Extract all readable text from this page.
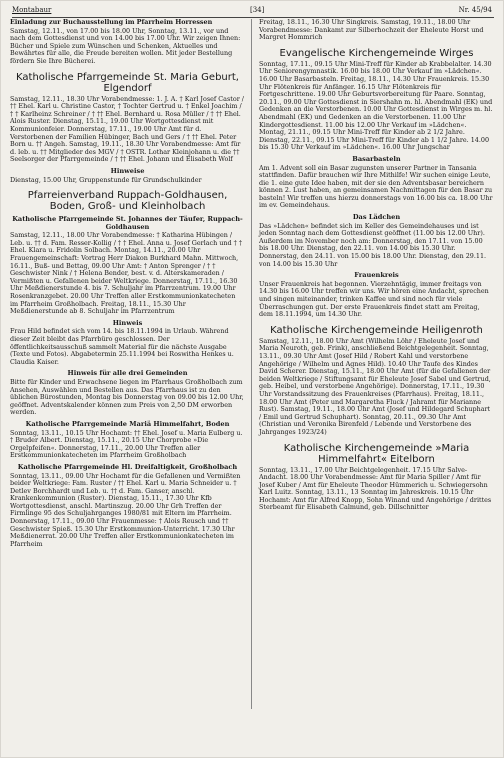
Montabaur	[34]	Nr. 45/94

Einladung zur Buchausstellung im Pfarrheim Horressen

Samstag, 12.11., von 17.00 bis 18.00 Uhr, Sonntag, 13.11., vor und nach dem Gottesdienst und von 14.00 bis 17.00 Uhr. Wir zeigen Ihnen: Bücher und Spiele zum Wünschen und Schenken, Aktuelles und Bewährtes für alle, die Freude bereiten wollen. Mit jeder Bestellung fördern Sie Ihre Bücherei.

Katholische Pfarrgemeinde St. Maria Geburt, Elgendorf

Samstag, 12.11., 18.30 Uhr Vorabendmesse: 1. J. A. † Karl Josef Castor / †† Ehel. Karl u. Christine Castor, † Tochter Gertrud u. † Enkel Joachim / † † Karlheinz Schreiner / † †† Ehel. Bernhard u. Rosa Müller / † †† Ehel. Alois Ruster. Dienstag, 15.11., 19.00 Uhr Wortgottesdienst mit Kommunionfeier. Donnerstag, 17.11., 19.00 Uhr Amt für d. Verstorbenen der Familien Hübinger, Bach und Gers / † †† Ehel. Peter Born u. †† Angeh. Samstag, 19.11., 18.30 Uhr Vorabendmesse: Amt für d. leb. u. †† Mitglieder des MGV / † OSTR. Lothar Kleinjohann u. die †† Seelsorger der Pfarrgemeinde / † †† Ehel. Johann und Elisabeth Wolf

Hinweise

Dienstag, 15.00 Uhr, Gruppenstunde für Grundschulkinder

Pfarreienverband Ruppach-Goldhausen, Boden, Groß- und Kleinholbach
Katholische Pfarrgemeinde St. Johannes der Täufer, Ruppach-Goldhausen

Samstag, 12.11., 18.00 Uhr Vorabendmesse: † Katharina Hübingen / Leb. u. †† d. Fam. Resser-Kollig / † † Ehel. Anna u. Josef Gerlach und † † Ehel. Klara u. Fridolin Solbach. Montag, 14.11., 20.00 Uhr Frauengemeinschaft: Vortrag Herr Diakon Burkhard Mahn. Mittwoch, 16.11., Buß- und Bettag, 09.00 Uhr Amt: † Anton Sprenger / † † Geschwister Nink / † Helena Bender, best. v. d. Alterskameraden / Vermißten u. Gefallenen beider Weltkriege. Donnerstag, 17.11., 16.30 Uhr Meßdienerstunde 4. bis 7. Schuljahr im Pfarrzentrum. 19.00 Uhr Rosenkranzgebet. 20.00 Uhr Treffen aller Erstkommunionkatecheten im Pfarrheim Großholbach. Freitag, 18.11., 15.30 Uhr Meßdienerstunde ab 8. Schuljahr im Pfarrzentrum

Hinweis

Frau Hild befindet sich vom 14. bis 18.11.1994 in Urlaub. Während dieser Zeit bleibt das Pfarrbüro geschlossen. Der öffentlichkeitsausschuß sammelt Material für die nächste Ausgabe (Texte und Fotos). Abgabetermin 25.11.1994 bei Roswitha Henkes u. Claudia Kaiser.

Hinweis für alle drei Gemeinden

Bitte für Kinder und Erwachsene liegen im Pfarrhaus Großholbach zum Ansehen, Auswählen und Bestellen aus. Das Pfarrhaus ist zu den üblichen Bürostunden, Montag bis Donnerstag von 09.00 bis 12.00 Uhr, geöffnet. Adventskalender können zum Preis von 2,50 DM erworben werden.

Katholische Pfarrgemeinde Mariä Himmelfahrt, Boden

Sonntag, 13.11., 10.15 Uhr Hochamt: †† Ehel. Josef u. Maria Eulberg u. † Bruder Albert. Dienstag, 15.11., 20.15 Uhr Chorprobe »Die Orgelpfeifen«. Donnerstag, 17.11., 20.00 Uhr Treffen aller Erstkommunionkatecheten im Pfarrheim Großholbach

Katholische Pfarrgemeinde Hl. Dreifaltigkeit, Großholbach

Sonntag, 13.11., 09.00 Uhr Hochamt für die Gefallenen und Vermißten beider Weltkriege: Fam. Ruster / †† Ehel. Karl u. Maria Schneider u. † Detlev Borchhardt und Leb. u. †† d. Fam. Ganser, anschl. Krankenkommunion (Ruster). Dienstag, 15.11., 17.30 Uhr Kfb Wortgottesdienst, anschl. Martinszug. 20.00 Uhr Grh Treffen der Firmlinge 95 des Schuljahrganges 1980/81 mit Eltern im Pfarrheim. Donnerstag, 17.11., 09.00 Uhr Frauenmesse: † Alois Reusch und †† Geschwister Spieß. 15.30 Uhr Erstkommunion-Unterricht. 17.30 Uhr Meßdienerrat. 20.00 Uhr Treffen aller Erstkommunionkatecheten im Pfarrheim

Freitag, 18.11., 16.30 Uhr Singkreis. Samstag, 19.11., 18.00 Uhr Vorabendmesse: Dankamt zur Silberhochzeit der Eheleute Horst und Margret Hommrich

Evangelische Kirchengemeinde Wirges

Sonntag, 17.11., 09.15 Uhr Mini-Treff für Kinder ab Krabbelalter. 14.30 Uhr Seniorengymnastik. 16.00 bis 18.00 Uhr Verkauf im »Lädchen«. 16.00 Uhr Basarbasteln. Freitag, 18.11., 14.30 Uhr Frauenkreis. 15.30 Uhr Flötenkreis für Anfänger. 16.15 Uhr Flötenkreis für Fortgeschrittene. 19.00 Uhr Geburtsvorbereitung für Paare. Sonntag, 20.11., 09.00 Uhr Gottesdienst in Siershahn m. hl. Abendmahl (EK) und Gedenken an die Verstorbenen. 10.00 Uhr Gottesdienst in Wirges m. hl. Abendmahl (EK) und Gedenken an die Verstorbenen. 11.00 Uhr Kindergottesdienst. 11.00 bis 12.00 Uhr Verkauf im »Lädchen«. Montag, 21.11., 09.15 Uhr Mini-Treff für Kinder ab 2 1/2 Jahre. Dienstag, 22.11., 09.15 Uhr Mini-Treff für Kinder ab 1 1/2 Jahre. 14.00 bis 15.30 Uhr Verkauf im »Lädchen«. 16.00 Uhr Jungschar

Basarbasteln

Am 1. Advent soll ein Basar zugunsten unserer Partner in Tansania stattfinden. Dafür brauchen wir Ihre Mithilfe! Wir suchen einige Leute, die 1. eine gute Idee haben, mit der sie den Adventsbasar bereichern können 2. Lust haben, an gemeinsamen Nachmittagen für den Basar zu basteln! Wir treffen uns hierzu donnerstags von 16.00 bis ca. 18.00 Uhr im ev. Gemeindehaus.

Das Lädchen

Das »Lädchen« befindet sich im Keller des Gemeindehauses und ist jeden Sonntag nach dem Gottesdienst geöffnet (11.00 bis 12.00 Uhr). Außerdem im November noch am: Donnerstag, den 17.11. von 15.00 bis 18.00 Uhr. Dienstag, den 22.11. von 14.00 bis 15.30 Uhr. Donnerstag, den 24.11. von 15.00 bis 18.00 Uhr. Dienstag, den 29.11. von 14.00 bis 15.30 Uhr

Frauenkreis

Unser Frauenkreis hat begonnen. Vierzehntägig, immer freitags von 14.30 bis 16.00 Uhr treffen wir uns. Wir hören eine Andacht, sprechen und singen miteinander, trinken Kaffee und sind noch für viele Überraschungen gut. Der erste Frauenkreis findet statt am Freitag, dem 18.11.1994, um 14.30 Uhr.

Katholische Kirchengemeinde Heiligenroth

Samstag, 12.11., 18.00 Uhr Amt (Wilhelm Löhr / Eheleute Josef und Maria Neuroth, geb. Frink), anschließend Beichtgelegenheit. Sonntag, 13.11., 09.30 Uhr Amt (Josef Hild / Robert Kahl und verstorbene Angehörige / Wilhelm und Agnes Hild). 10.40 Uhr Taufe des Kindes David Scherer. Dienstag, 15.11., 18.00 Uhr Amt (für die Gefallenen der beiden Weltkriege / Stiftungsamt für Eheleute Josef Sabel und Gertrud, geb. Heibel, und verstorbene Angehörige). Donnerstag, 17.11., 19.30 Uhr Vorstandssitzung des Frauenkreises (Pfarrhaus). Freitag, 18.11., 18.00 Uhr Amt (Peter und Margaretha Fluck / Jahramt für Marianne Rust). Samstag, 19.11., 18.00 Uhr Amt (Josef und Hildegard Schuphart / Emil und Gertrud Schuphart). Sonntag, 20.11., 09.30 Uhr Amt (Christian und Veronika Birenfeld / Lebende und Verstorbene des Jahrganges 1923/24)

Katholische Kirchengemeinde »Maria Himmelfahrt« Eitelborn

Sonntag, 13.11., 17.00 Uhr Beichtgelegenheit. 17.15 Uhr Salve-Andacht. 18.00 Uhr Vorabendmesse: Amt für Maria Spiller / Amt für Josef Kuber / Amt für Eheleute Theodor Hümmerich u. Schwiegersohn Karl Luitz. Sonntag, 13.11., 13 Sonntag im Jahreskreis. 10.15 Uhr Hochamt: Amt für Alfred Knopp, Sohn Winand und Angehörige / drittes Sterbeamt für Elisabeth Calmund, geb. Dillschnitter
